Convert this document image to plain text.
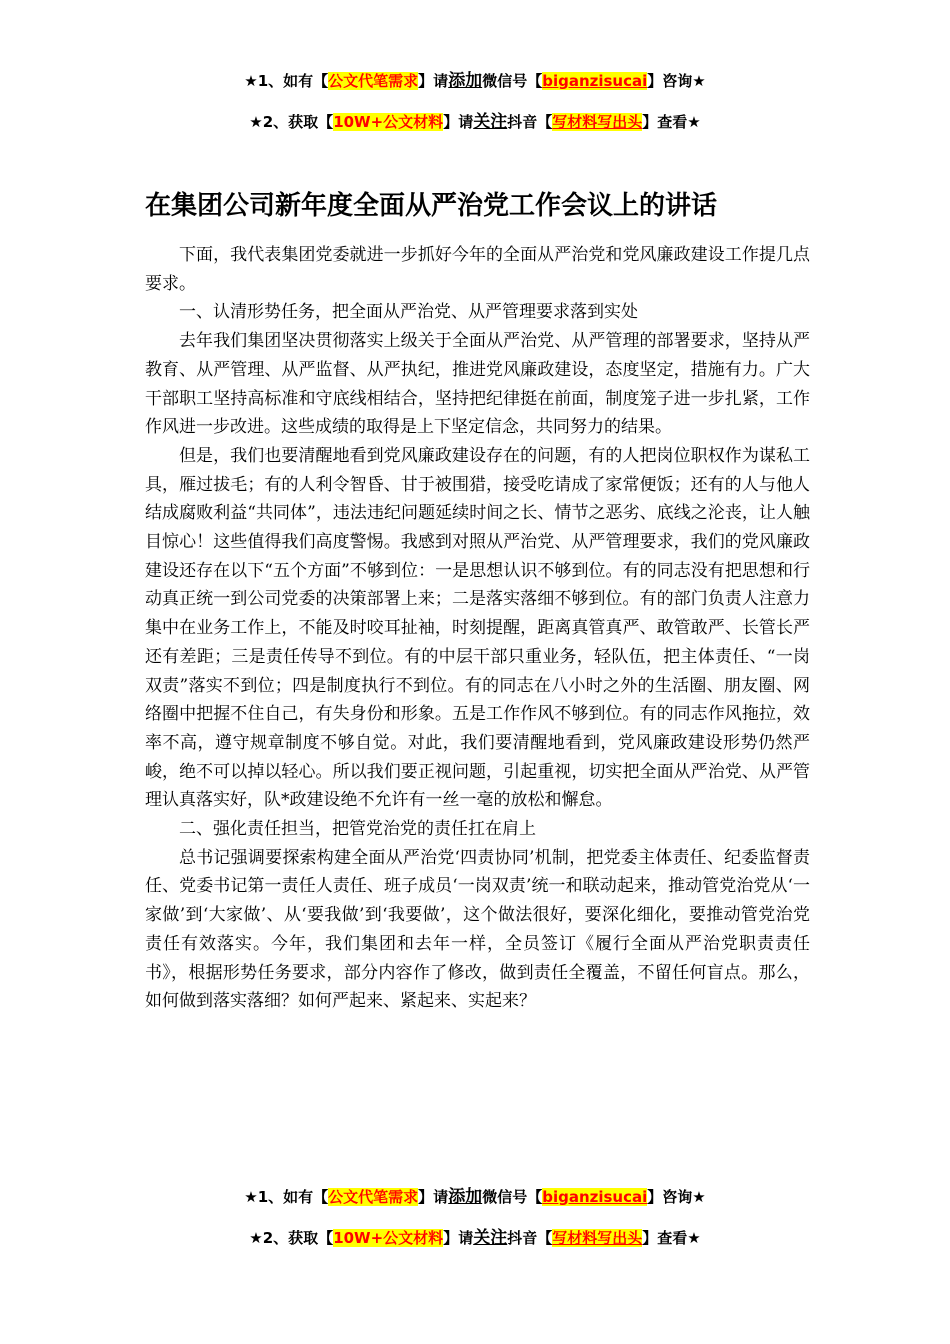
★1、如有【公文代笔需求】请添加微信号【biganzisucai】咨询★
★2、获取【10W+公文材料】请关注抖音【写材料写出头】查看★
在集团公司新年度全面从严治党工作会议上的讲话

下面，我代表集团党委就进一步抓好今年的全面从严治党和党风廉政建设工作提几点要求。

一、认清形势任务，把全面从严治党、从严管理要求落到实处

去年我们集团坚决贯彻落实上级关于全面从严治党、从严管理的部署要求，坚持从严教育、从严管理、从严监督、从严执纪，推进党风廉政建设，态度坚定，措施有力。广大干部职工坚持高标准和守底线相结合，坚持把纪律挺在前面，制度笼子进一步扎紧，工作作风进一步改进。这些成绩的取得是上下坚定信念，共同努力的结果。

但是，我们也要清醒地看到党风廉政建设存在的问题，有的人把岗位职权作为谋私工具，雁过拔毛；有的人利令智昏、甘于被围猎，接受吃请成了家常便饭；还有的人与他人结成腐败利益“共同体”，违法违纪问题延续时间之长、情节之恶劣、底线之沦丧，让人触目惊心！这些值得我们高度警惕。我感到对照从严治党、从严管理要求，我们的党风廉政建设还存在以下“五个方面”不够到位：一是思想认识不够到位。有的同志没有把思想和行动真正统一到公司党委的决策部署上来；二是落实落细不够到位。有的部门负责人注意力集中在业务工作上，不能及时咬耳扯袖，时刻提醒，距离真管真严、敢管敢严、长管长严还有差距；三是责任传导不到位。有的中层干部只重业务，轻队伍，把主体责任、“一岗双责”落实不到位；四是制度执行不到位。有的同志在八小时之外的生活圈、朋友圈、网络圈中把握不住自己，有失身份和形象。五是工作作风不够到位。有的同志作风拖拉，效率不高，遵守规章制度不够自觉。对此，我们要清醒地看到，党风廉政建设形势仍然严峻，绝不可以掉以轻心。所以我们要正视问题，引起重视，切实把全面从严治党、从严管理认真落实好，队*政建设绝不允许有一丝一毫的放松和懈怠。

二、强化责任担当，把管党治党的责任扛在肩上

总书记强调要探索构建全面从严治党‘四责协同’机制，把党委主体责任、纪委监督责任、党委书记第一责任人责任、班子成员‘一岗双责’统一和联动起来，推动管党治党从‘一家做’到‘大家做’、从‘要我做’到‘我要做’，这个做法很好，要深化细化，要推动管党治党责任有效落实。今年，我们集团和去年一样，全员签订《履行全面从严治党职责责任书》，根据形势任务要求，部分内容作了修改，做到责任全覆盖，不留任何盲点。那么，如何做到落实落细？如何严起来、紧起来、实起来？

★1、如有【公文代笔需求】请添加微信号【biganzisucai】咨询★
★2、获取【10W+公文材料】请关注抖音【写材料写出头】查看★
